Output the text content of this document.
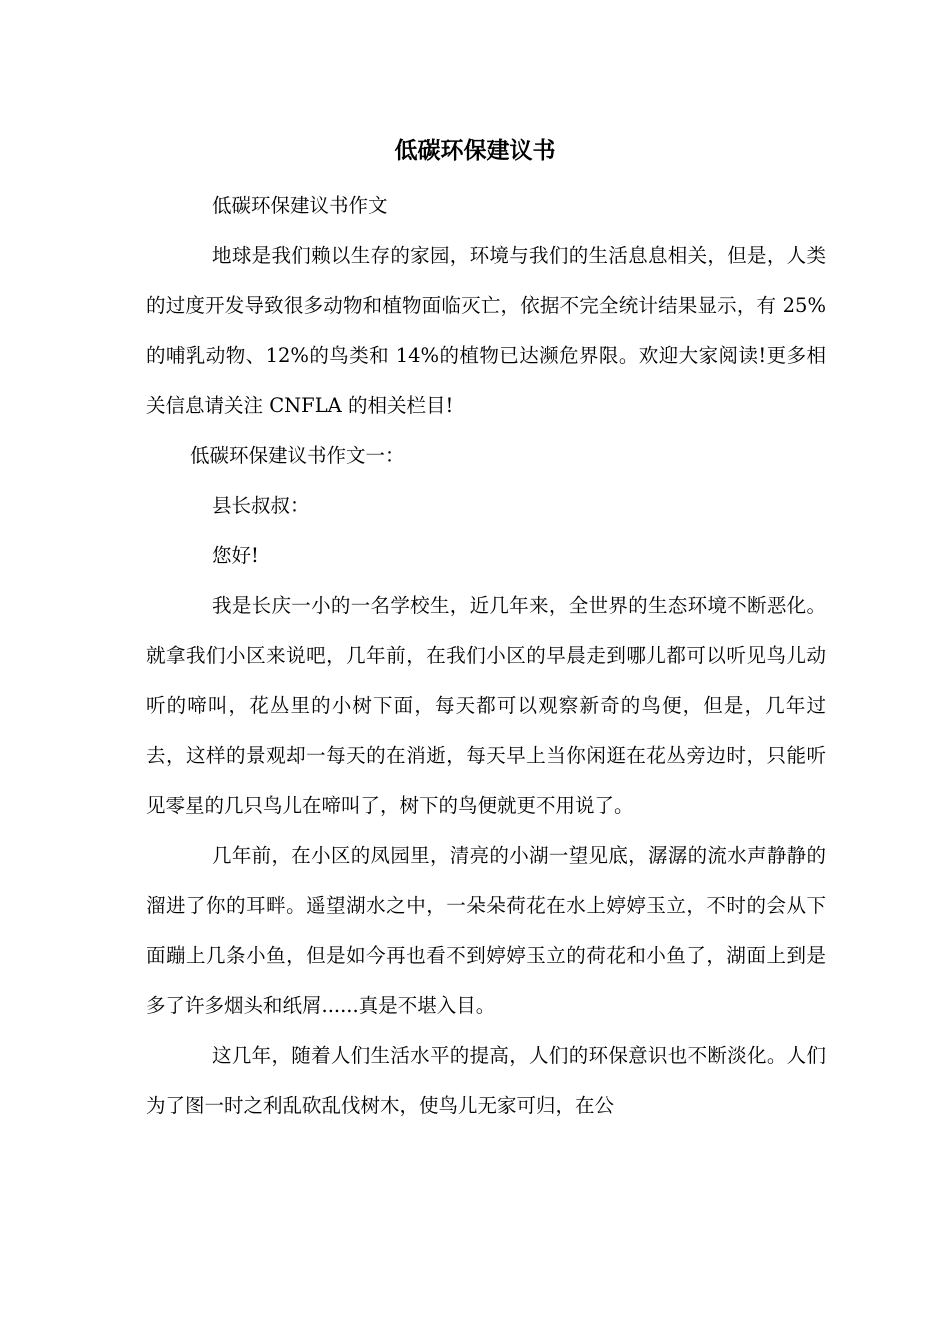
低碳环保建议书

低碳环保建议书作文

地球是我们赖以生存的家园，环境与我们的生活息息相关，但是，人类的过度开发导致很多动物和植物面临灭亡，依据不完全统计结果显示，有 25%的哺乳动物、12%的鸟类和 14%的植物已达濒危界限。欢迎大家阅读!更多相关信息请关注 CNFLA 的相关栏目!

低碳环保建议书作文一：

县长叔叔：

您好!

我是长庆一小的一名学校生，近几年来，全世界的生态环境不断恶化。就拿我们小区来说吧，几年前，在我们小区的早晨走到哪儿都可以听见鸟儿动听的啼叫，花丛里的小树下面，每天都可以观察新奇的鸟便，但是，几年过去，这样的景观却一每天的在消逝，每天早上当你闲逛在花丛旁边时，只能听见零星的几只鸟儿在啼叫了，树下的鸟便就更不用说了。

几年前，在小区的凤园里，清亮的小湖一望见底，潺潺的流水声静静的溜进了你的耳畔。遥望湖水之中，一朵朵荷花在水上婷婷玉立，不时的会从下面蹦上几条小鱼，但是如今再也看不到婷婷玉立的荷花和小鱼了，湖面上到是多了许多烟头和纸屑......真是不堪入目。

这几年，随着人们生活水平的提高，人们的环保意识也不断淡化。人们为了图一时之利乱砍乱伐树木，使鸟儿无家可归，在公
